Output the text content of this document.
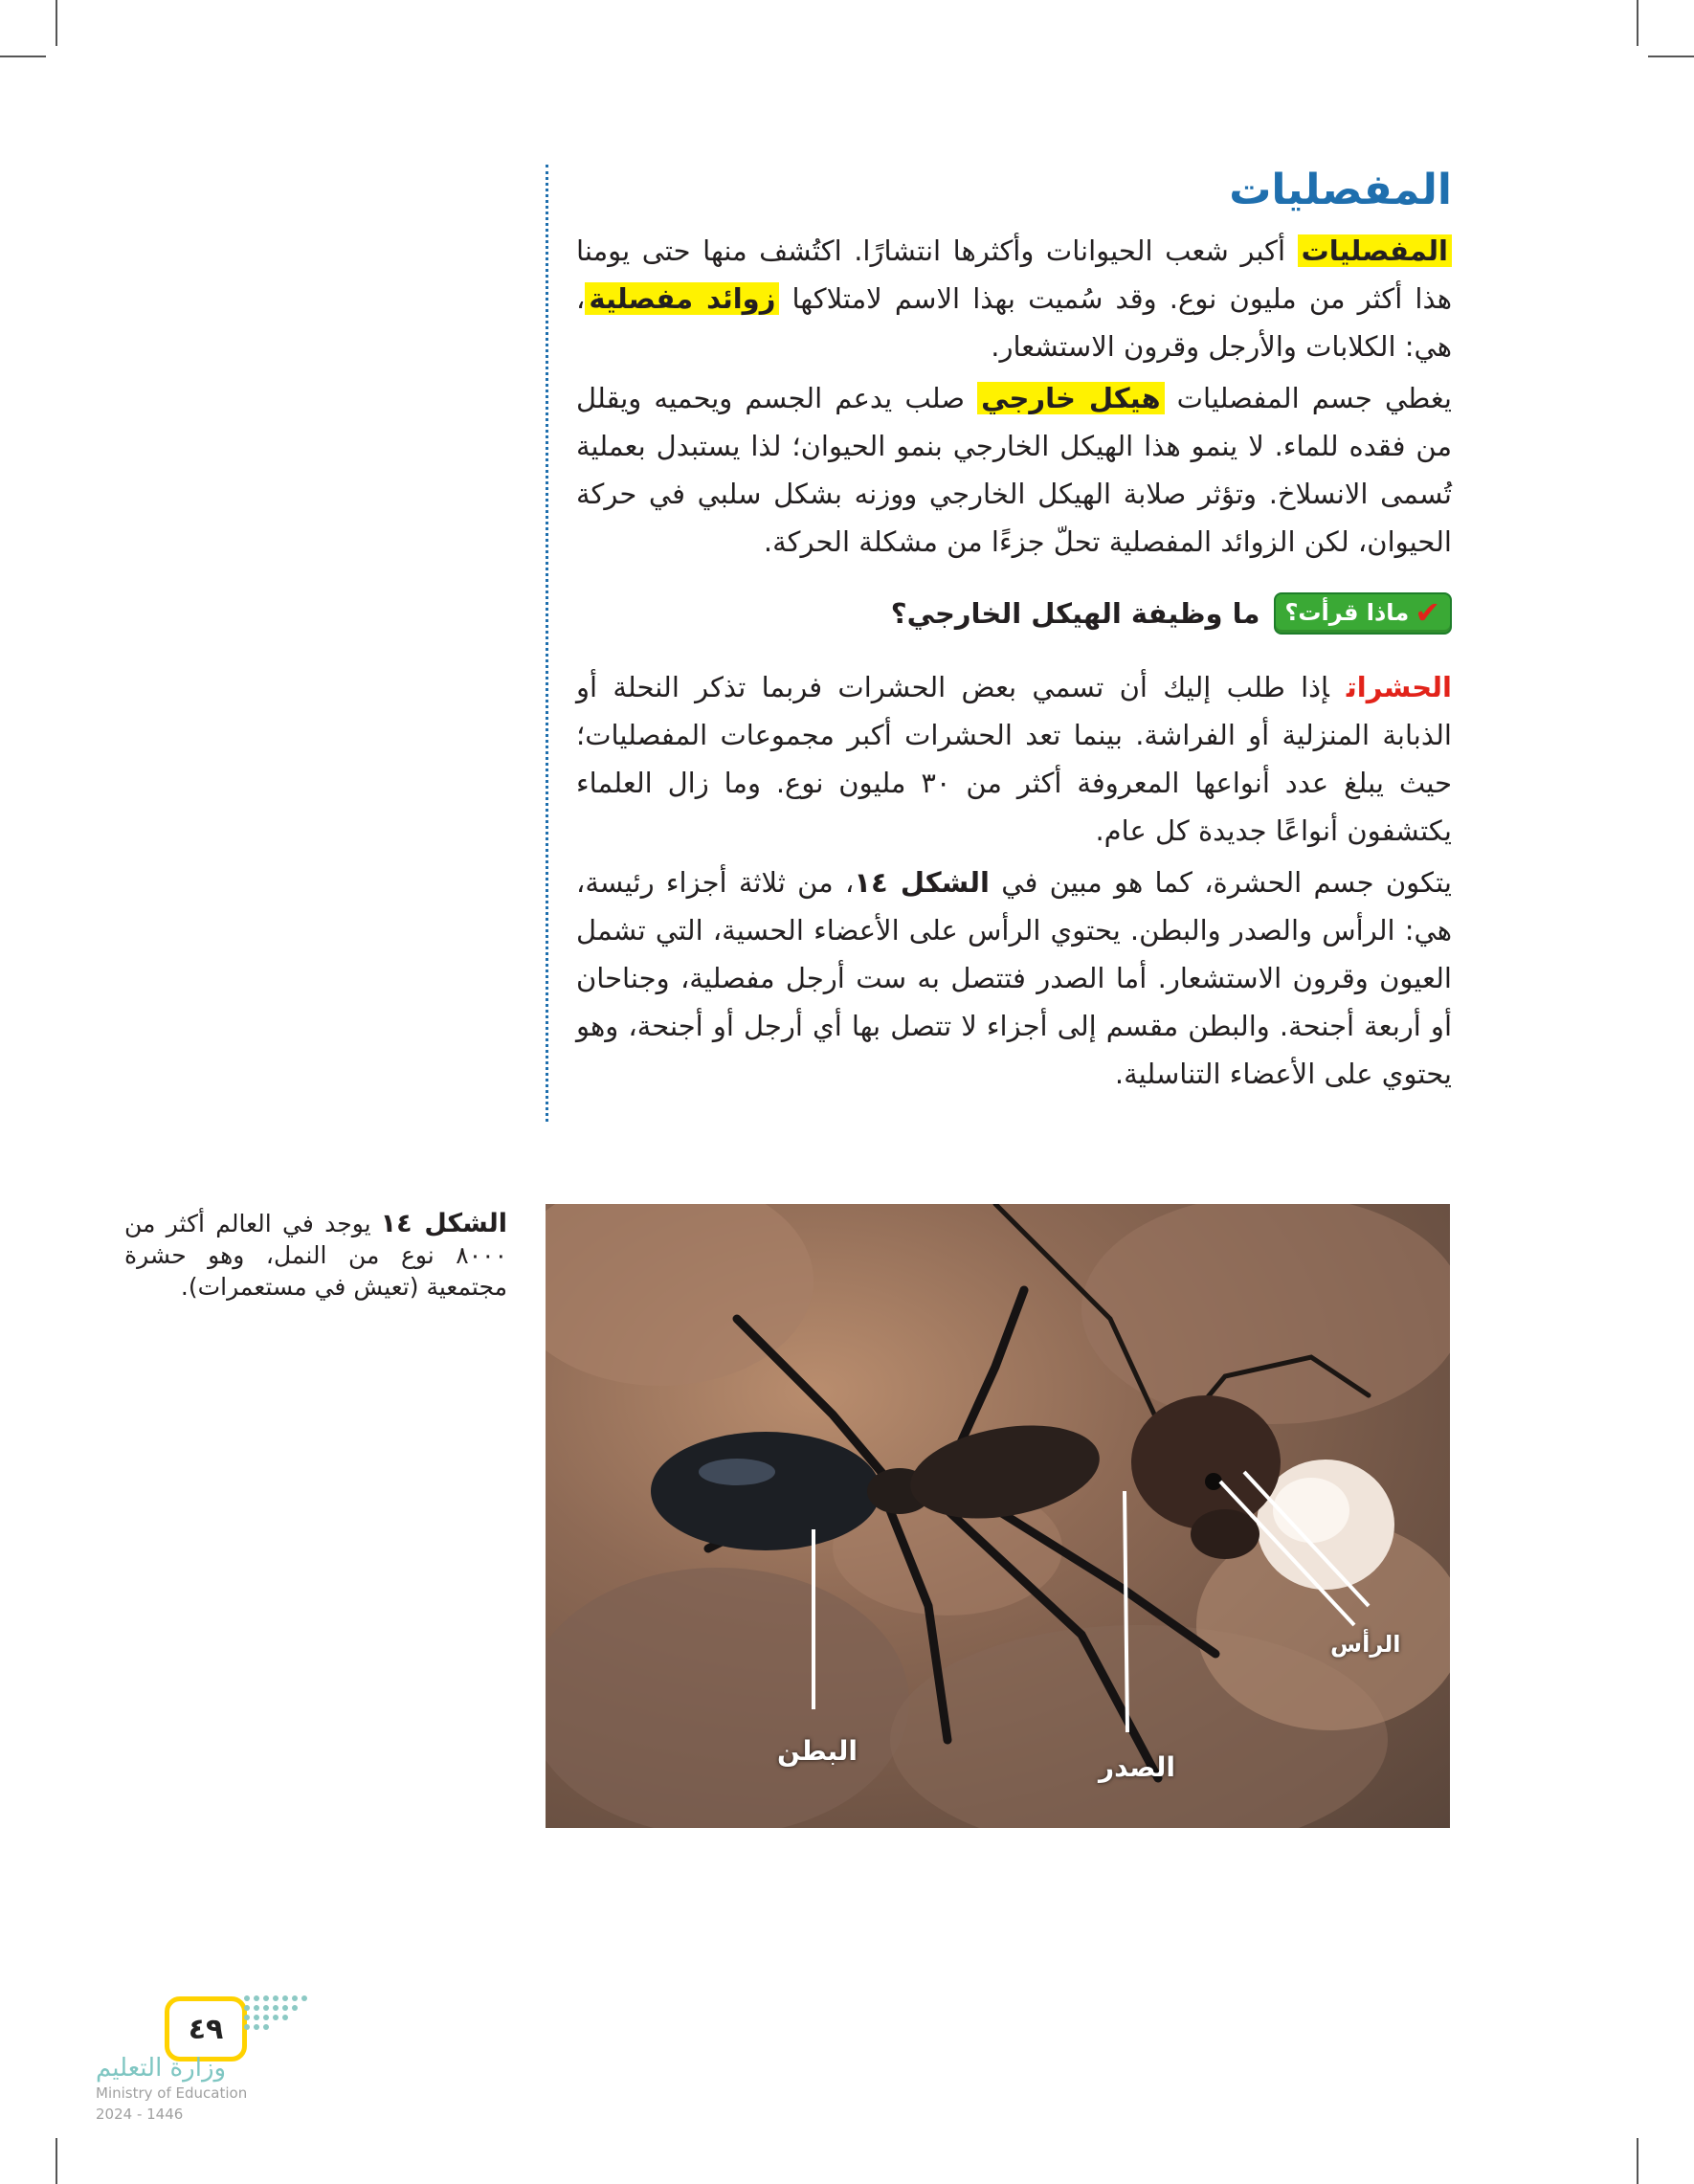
المفصليات

المفصليات أكبر شعب الحيوانات وأكثرها انتشارًا. اكتُشف منها حتى يومنا هذا أكثر من مليون نوع. وقد سُميت بهذا الاسم لامتلاكها زوائد مفصلية، هي: الكلابات والأرجل وقرون الاستشعار.

يغطي جسم المفصليات هيكل خارجي صلب يدعم الجسم ويحميه ويقلل من فقده للماء. لا ينمو هذا الهيكل الخارجي بنمو الحيوان؛ لذا يستبدل بعملية تُسمى الانسلاخ. وتؤثر صلابة الهيكل الخارجي ووزنه بشكل سلبي في حركة الحيوان، لكن الزوائد المفصلية تحلّ جزءًا من مشكلة الحركة.

✔
ماذا قرأت؟
ما وظيفة الهيكل الخارجي؟

الحشراتإذا طلب إليك أن تسمي بعض الحشرات فربما تذكر النحلة أو الذبابة المنزلية أو الفراشة. بينما تعد الحشرات أكبر مجموعات المفصليات؛ حيث يبلغ عدد أنواعها المعروفة أكثر من ٣٠ مليون نوع. وما زال العلماء يكتشفون أنواعًا جديدة كل عام.

يتكون جسم الحشرة، كما هو مبين في الشكل ١٤، من ثلاثة أجزاء رئيسة، هي: الرأس والصدر والبطن. يحتوي الرأس على الأعضاء الحسية، التي تشمل العيون وقرون الاستشعار. أما الصدر فتتصل به ست أرجل مفصلية، وجناحان أو أربعة أجنحة. والبطن مقسم إلى أجزاء لا تتصل بها أي أرجل أو أجنحة، وهو يحتوي على الأعضاء التناسلية.

الشكل ١٤يوجد في العالم أكثر من ٨٠٠٠ نوع من النمل، وهو حشرة مجتمعية (تعيش في مستعمرات).
الرأس
الصدر
البطن
٤٩
وزارة التعليم
Ministry of Education
2024 - 1446
